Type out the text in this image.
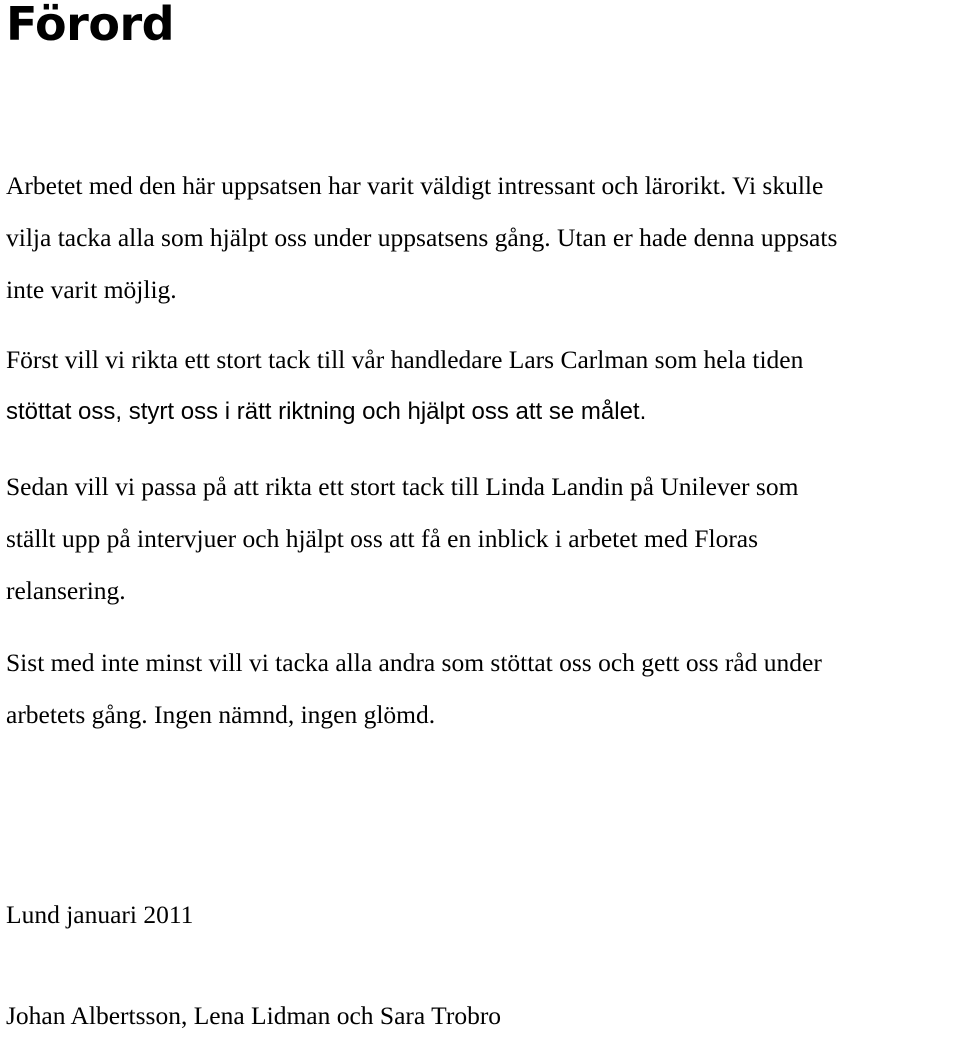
Förord

Arbetet med den här uppsatsen har varit väldigt intressant och lärorikt. Vi skulle
vilja tacka alla som hjälpt oss under uppsatsens gång. Utan er hade denna uppsats
inte varit möjlig.

Först vill vi rikta ett stort tack till vår handledare Lars Carlman som hela tiden
stöttat oss, styrt oss i rätt riktning och hjälpt oss att se målet.

Sedan vill vi passa på att rikta ett stort tack till Linda Landin på Unilever som
ställt upp på intervjuer och hjälpt oss att få en inblick i arbetet med Floras
relansering.

Sist med inte minst vill vi tacka alla andra som stöttat oss och gett oss råd under
arbetets gång. Ingen nämnd, ingen glömd.

Lund januari 2011

Johan Albertsson, Lena Lidman och Sara Trobro
